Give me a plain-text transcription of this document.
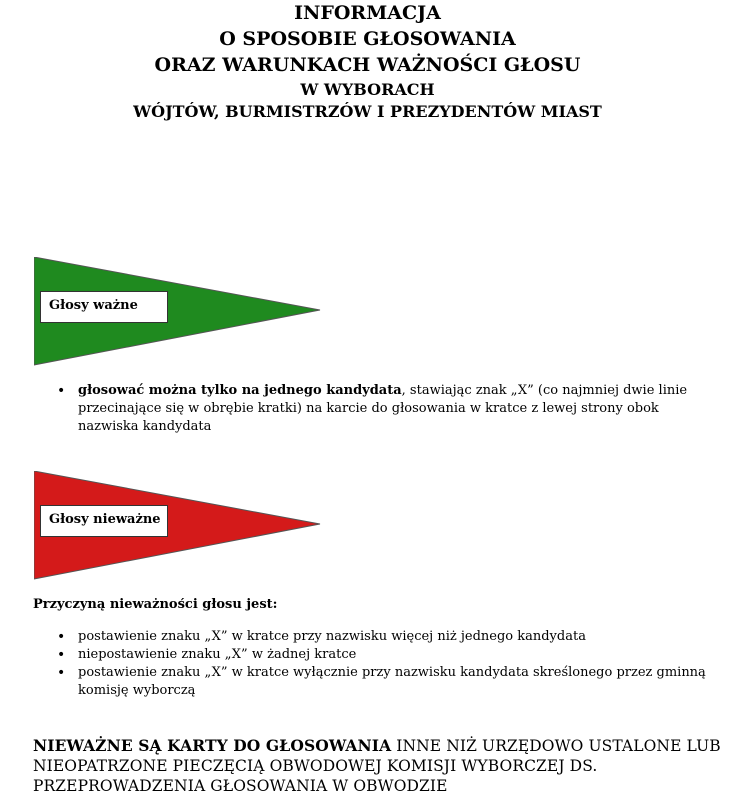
INFORMACJA
O SPOSOBIE GŁOSOWANIA
ORAZ WARUNKACH WAŻNOŚCI GŁOSU
W WYBORACH
WÓJTÓW, BURMISTRZÓW I PREZYDENTÓW MIAST
Głosy ważne
• głosować można tylko na jednego kandydata, stawiając znak „X” (co najmniej dwie linie przecinające się w obrębie kratki) na karcie do głosowania w kratce z lewej strony obok nazwiska kandydata
Głosy nieważne
Przyczyną nieważności głosu jest:
• postawienie znaku „X” w kratce przy nazwisku więcej niż jednego kandydata
• niepostawienie znaku „X” w żadnej kratce
• postawienie znaku „X” w kratce wyłącznie przy nazwisku kandydata skreślonego przez gminną komisję wyborczą
NIEWAŻNE SĄ KARTY DO GŁOSOWANIA INNE NIŻ URZĘDOWO USTALONE LUB NIEOPATRZONE PIECZĘCIĄ OBWODOWEJ KOMISJI WYBORCZEJ DS. PRZEPROWADZENIA GŁOSOWANIA W OBWODZIE
